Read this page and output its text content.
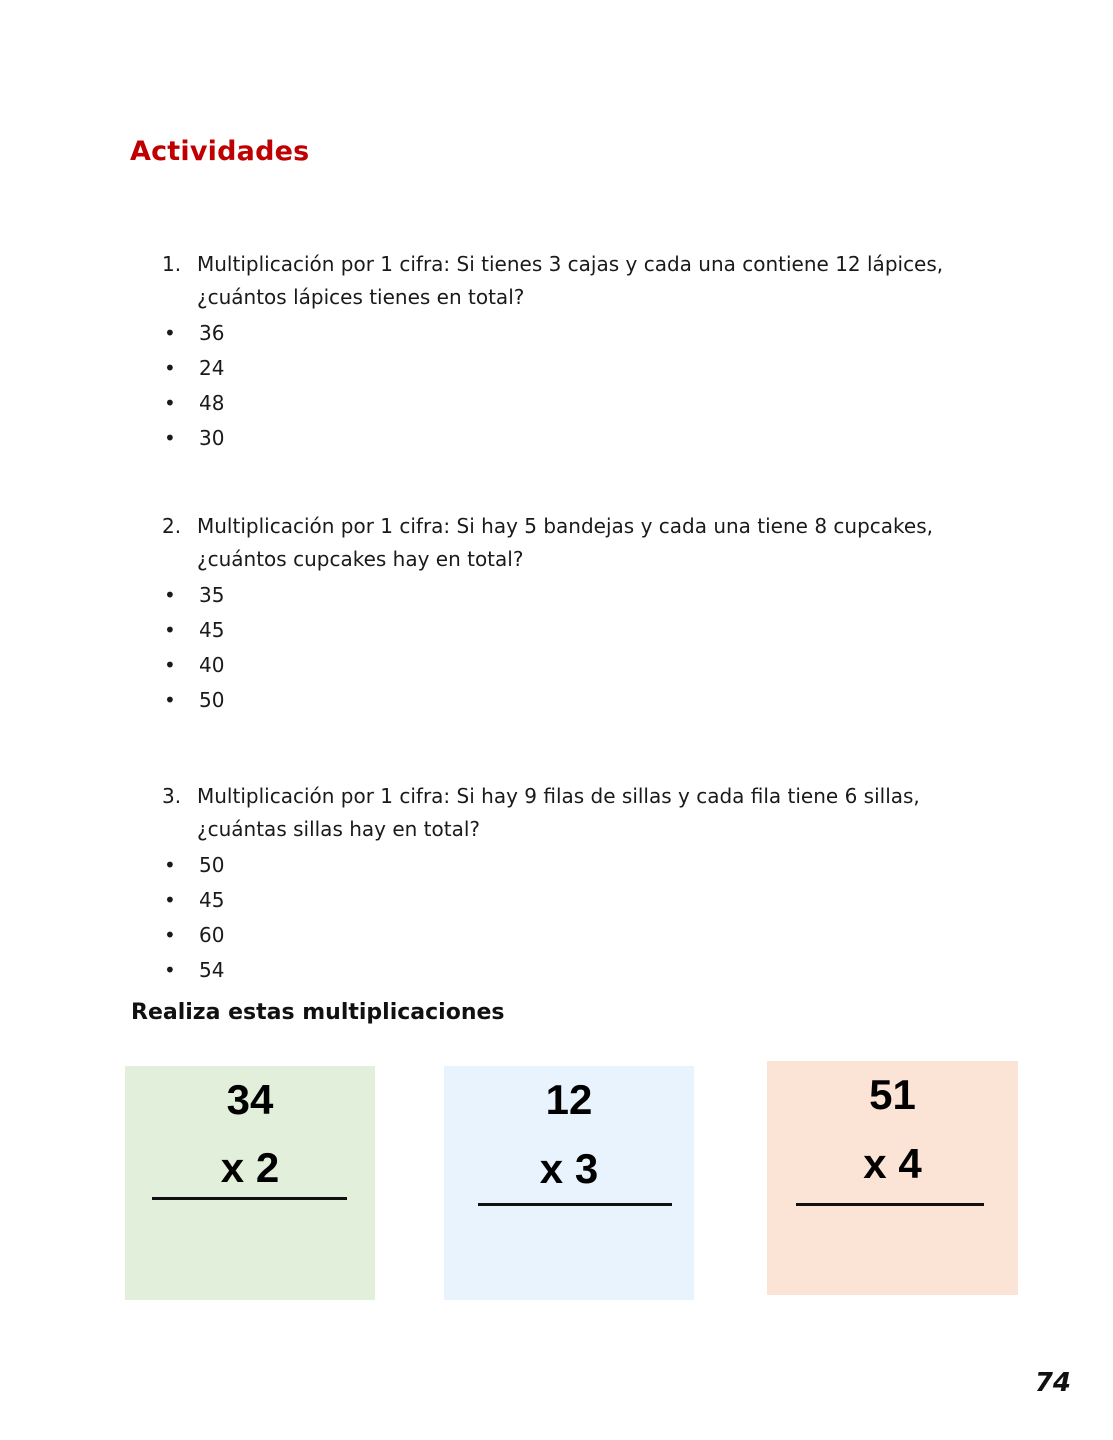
Actividades
1. Multiplicación por 1 cifra: Si tienes 3 cajas y cada una contiene 12 lápices,
¿cuántos lápices tienes en total?
•	36
•	24
•	48
•	30
2. Multiplicación por 1 cifra: Si hay 5 bandejas y cada una tiene 8 cupcakes,
¿cuántos cupcakes hay en total?
•	35
•	45
•	40
•	50
3. Multiplicación por 1 cifra: Si hay 9 filas de sillas y cada fila tiene 6 sillas,
¿cuántas sillas hay en total?
•	50
•	45
•	60
•	54
Realiza estas multiplicaciones
34
x 2
12
x 3
51
x 4
74
